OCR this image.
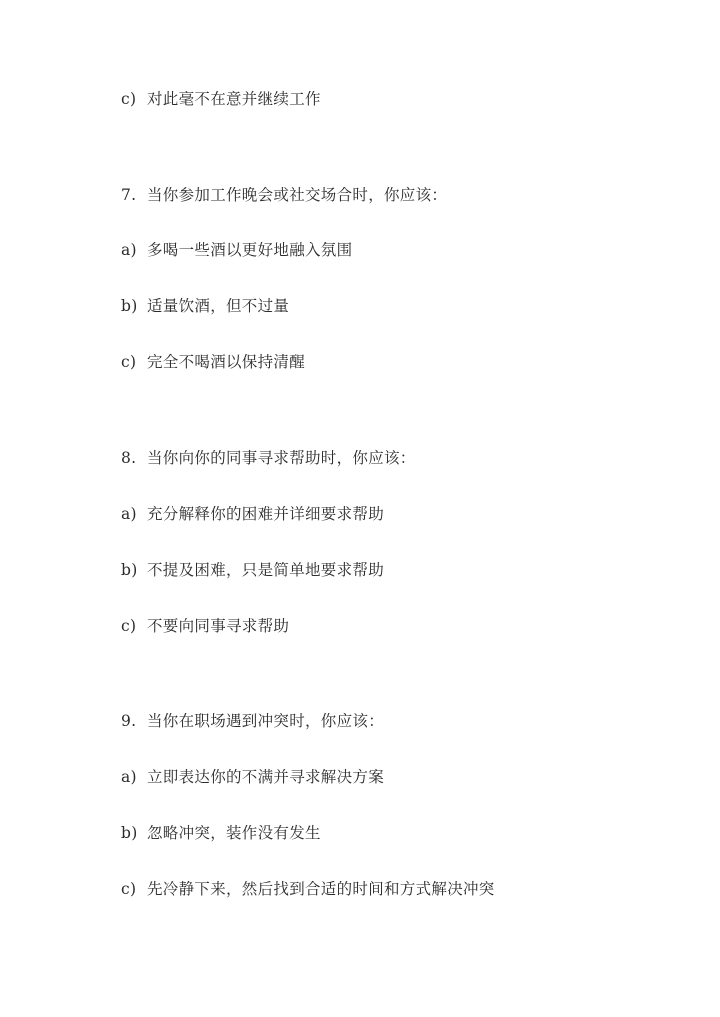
c) 对此毫不在意并继续工作
7. 当你参加工作晚会或社交场合时，你应该：
a) 多喝一些酒以更好地融入氛围
b) 适量饮酒，但不过量
c) 完全不喝酒以保持清醒
8. 当你向你的同事寻求帮助时，你应该：
a) 充分解释你的困难并详细要求帮助
b) 不提及困难，只是简单地要求帮助
c) 不要向同事寻求帮助
9. 当你在职场遇到冲突时，你应该：
a) 立即表达你的不满并寻求解决方案
b) 忽略冲突，装作没有发生
c) 先冷静下来，然后找到合适的时间和方式解决冲突
